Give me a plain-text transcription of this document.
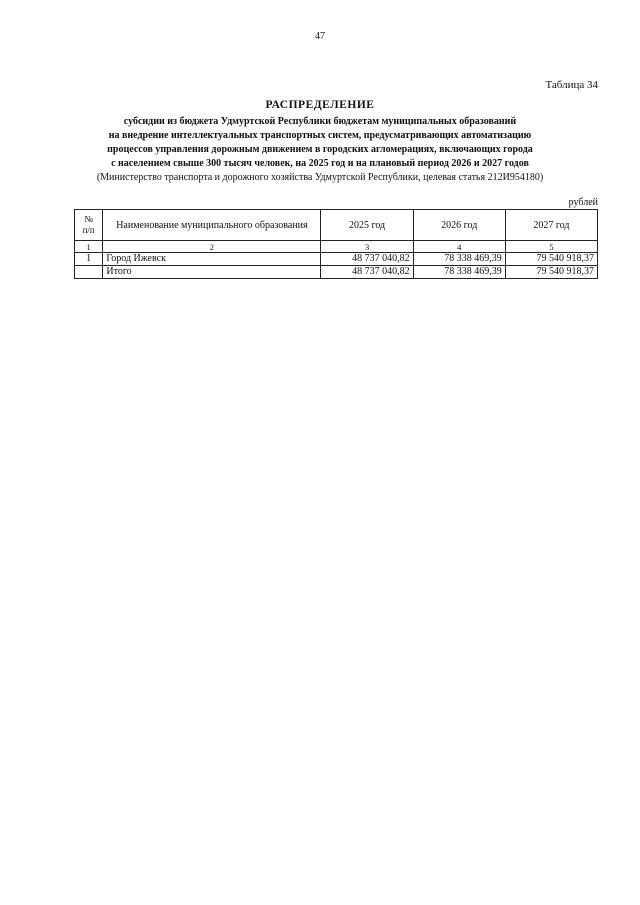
47
Таблица 34
РАСПРЕДЕЛЕНИЕ
субсидии из бюджета Удмуртской Республики бюджетам муниципальных образований
на внедрение интеллектуальных транспортных систем, предусматривающих автоматизацию
процессов управления дорожным движением в городских агломерациях, включающих города
с населением свыше 300 тысяч человек, на 2025 год и на плановый период 2026 и 2027 годов
(Министерство транспорта и дорожного хозяйства Удмуртской Республики, целевая статья 212И954180)
рублей
№
п/п	Наименование муниципального образования	2025 год	2026 год	2027 год
1	2	3	4	5
1	Город Ижевск	48 737 040,82	78 338 469,39	79 540 918,37
	Итого	48 737 040,82	78 338 469,39	79 540 918,37
